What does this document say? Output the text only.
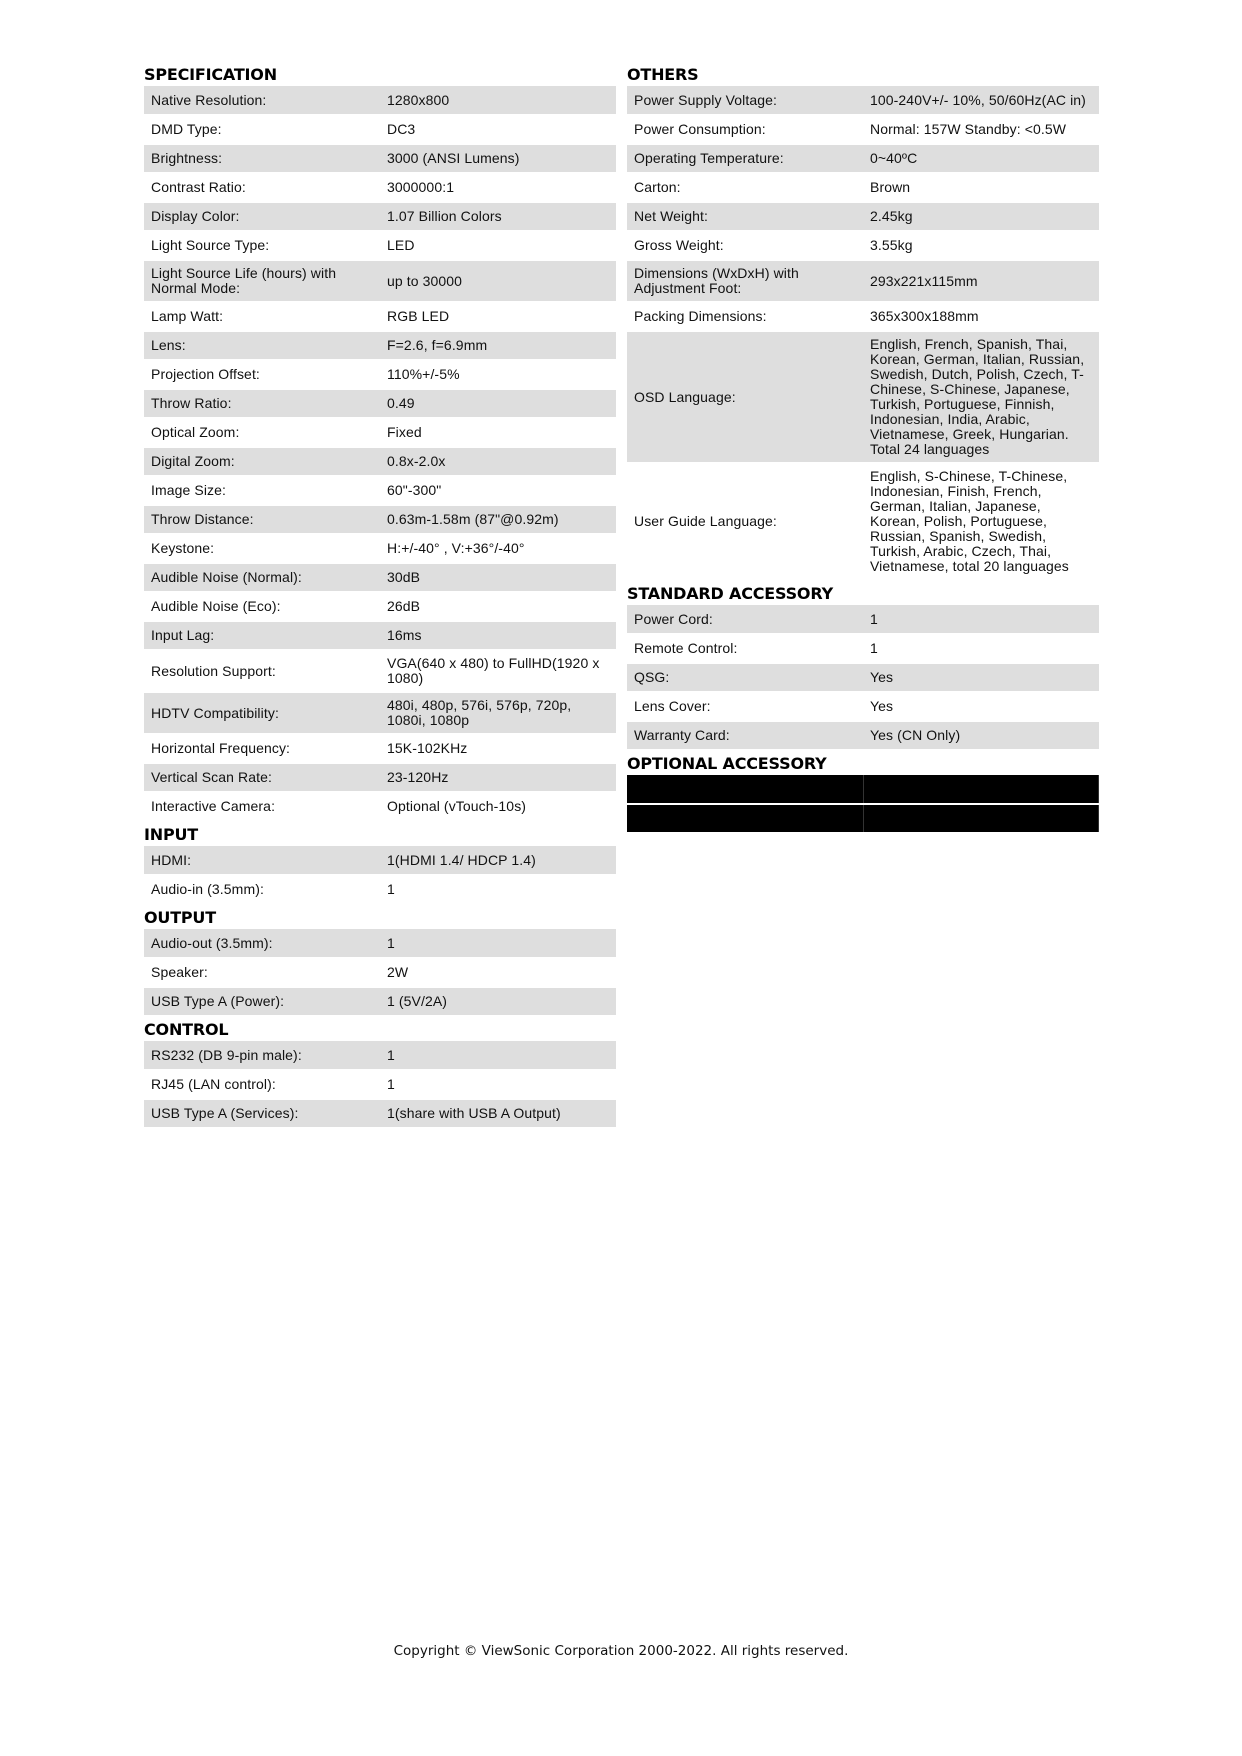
SPECIFICATION
Native Resolution:	1280x800
DMD Type:	DC3
Brightness:	3000 (ANSI Lumens)
Contrast Ratio:	3000000:1
Display Color:	1.07 Billion Colors
Light Source Type:	LED
Light Source Life (hours) with Normal Mode:	up to 30000
Lamp Watt:	RGB LED
Lens:	F=2.6, f=6.9mm
Projection Offset:	110%+/-5%
Throw Ratio:	0.49
Optical Zoom:	Fixed
Digital Zoom:	0.8x-2.0x
Image Size:	60"-300"
Throw Distance:	0.63m-1.58m (87"@0.92m)
Keystone:	H:+/-40° , V:+36°/-40°
Audible Noise (Normal):	30dB
Audible Noise (Eco):	26dB
Input Lag:	16ms
Resolution Support:	VGA(640 x 480) to FullHD(1920 x 1080)
HDTV Compatibility:	480i, 480p, 576i, 576p, 720p, 1080i, 1080p
Horizontal Frequency:	15K-102KHz
Vertical Scan Rate:	23-120Hz
Interactive Camera:	Optional (vTouch-10s)
INPUT
HDMI:	1(HDMI 1.4/ HDCP 1.4)
Audio-in (3.5mm):	1
OUTPUT
Audio-out (3.5mm):	1
Speaker:	2W
USB Type A (Power):	1 (5V/2A)
CONTROL
RS232 (DB 9-pin male):	1
RJ45 (LAN control):	1
USB Type A (Services):	1(share with USB A Output)
OTHERS
Power Supply Voltage:	100-240V+/- 10%, 50/60Hz(AC in)
Power Consumption:	Normal: 157W Standby: <0.5W
Operating Temperature:	0~40ºC
Carton:	Brown
Net Weight:	2.45kg
Gross Weight:	3.55kg
Dimensions (WxDxH) with Adjustment Foot:	293x221x115mm
Packing Dimensions:	365x300x188mm
OSD Language:	English, French, Spanish, Thai, Korean, German, Italian, Russian, Swedish, Dutch, Polish, Czech, T-Chinese, S-Chinese, Japanese, Turkish, Portuguese, Finnish, Indonesian, India, Arabic, Vietnamese, Greek, Hungarian. Total 24 languages
User Guide Language:	English, S-Chinese, T-Chinese, Indonesian, Finish, French, German, Italian, Japanese, Korean, Polish, Portuguese, Russian, Spanish, Swedish, Turkish, Arabic, Czech, Thai, Vietnamese, total 20 languages
STANDARD ACCESSORY
Power Cord:	1
Remote Control:	1
QSG:	Yes
Lens Cover:	Yes
Warranty Card:	Yes (CN Only)
OPTIONAL ACCESSORY

Copyright © ViewSonic Corporation 2000-2022. All rights reserved.
